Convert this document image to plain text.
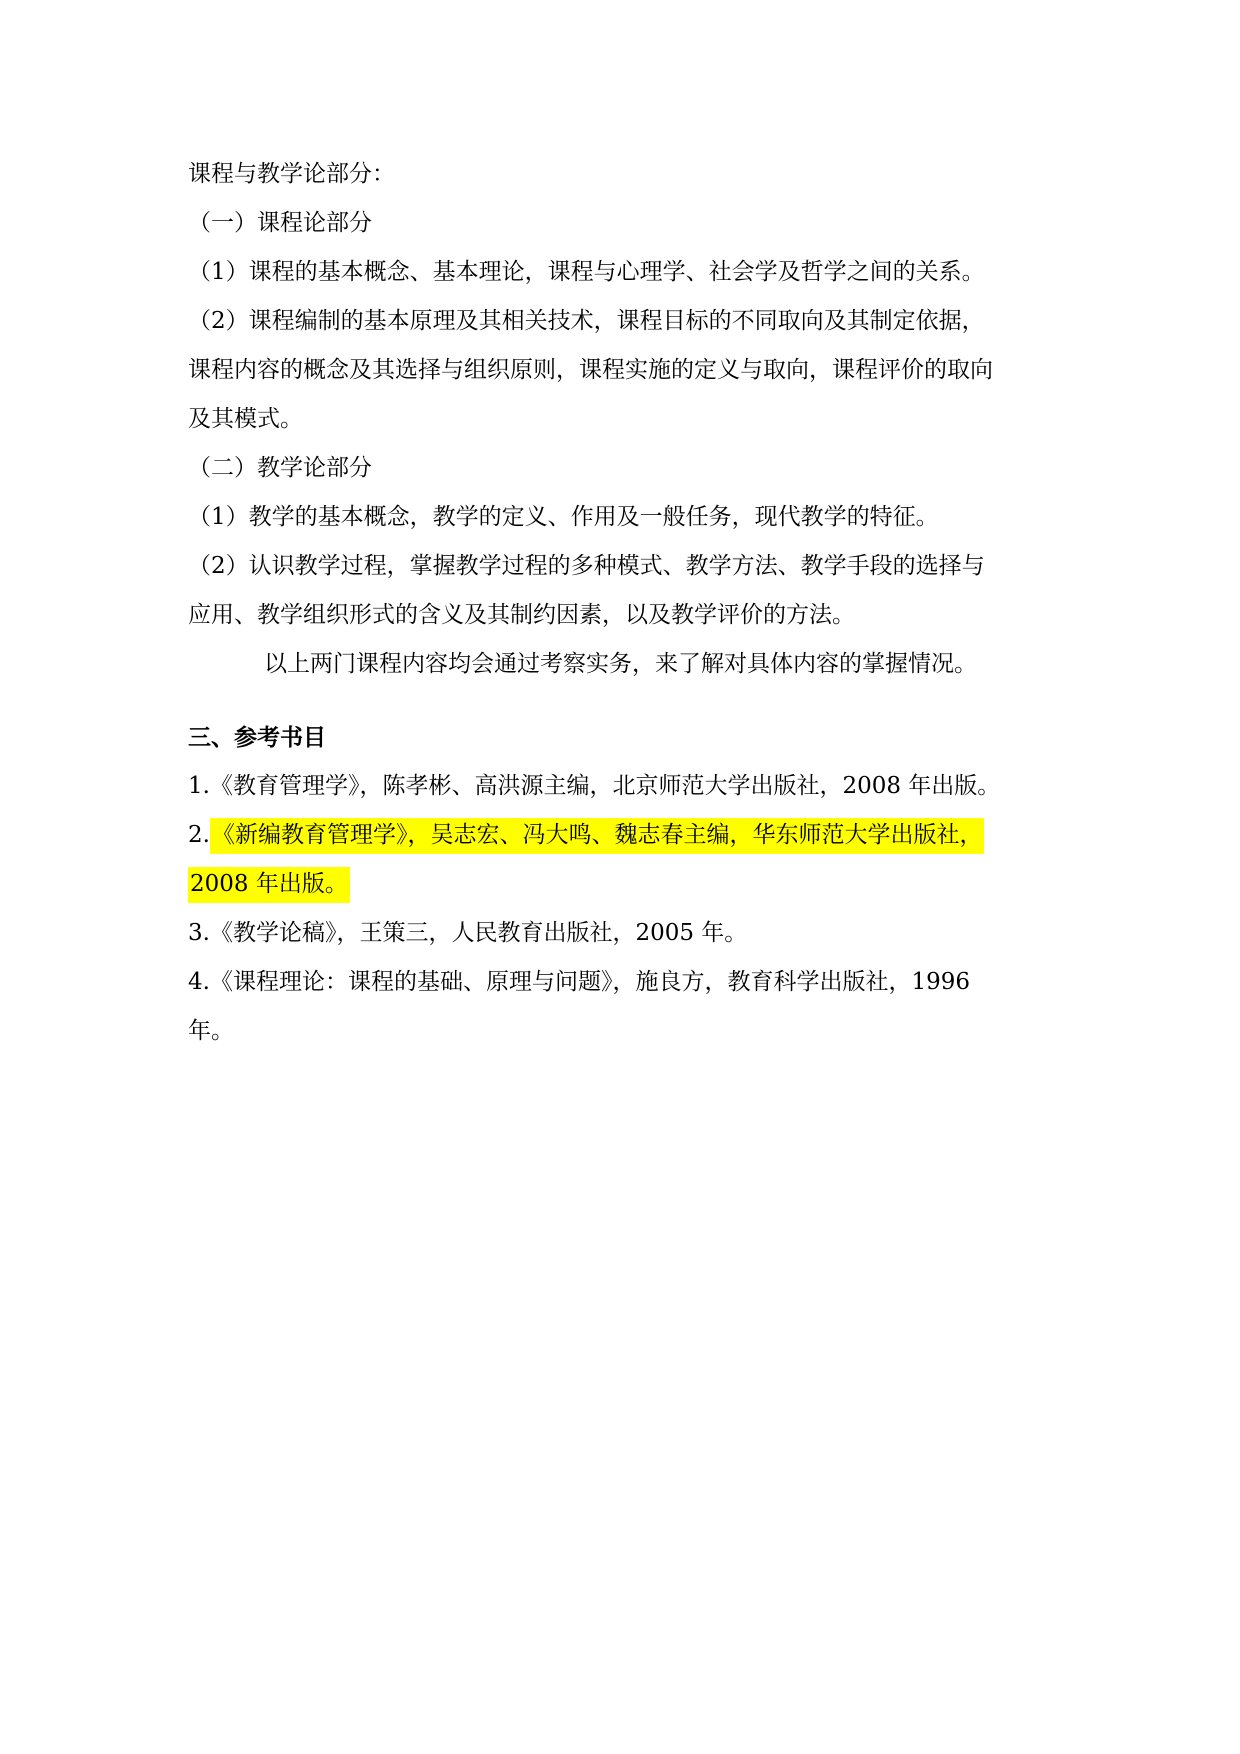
课程与教学论部分：

（一）课程论部分

（1）课程的基本概念、基本理论，课程与心理学、社会学及哲学之间的关系。

（2）课程编制的基本原理及其相关技术，课程目标的不同取向及其制定依据，

课程内容的概念及其选择与组织原则，课程实施的定义与取向，课程评价的取向

及其模式。

（二）教学论部分

（1）教学的基本概念，教学的定义、作用及一般任务，现代教学的特征。

（2）认识教学过程，掌握教学过程的多种模式、教学方法、教学手段的选择与

应用、教学组织形式的含义及其制约因素，以及教学评价的方法。

以上两门课程内容均会通过考察实务，来了解对具体内容的掌握情况。

三、参考书目

1.《教育管理学》，陈孝彬、高洪源主编，北京师范大学出版社，2008 年出版。

2.《新编教育管理学》，吴志宏、冯大鸣、魏志春主编，华东师范大学出版社，

2008 年出版。

3.《教学论稿》，王策三，人民教育出版社，2005 年。

4.《课程理论：课程的基础、原理与问题》，施良方，教育科学出版社，1996

年。
